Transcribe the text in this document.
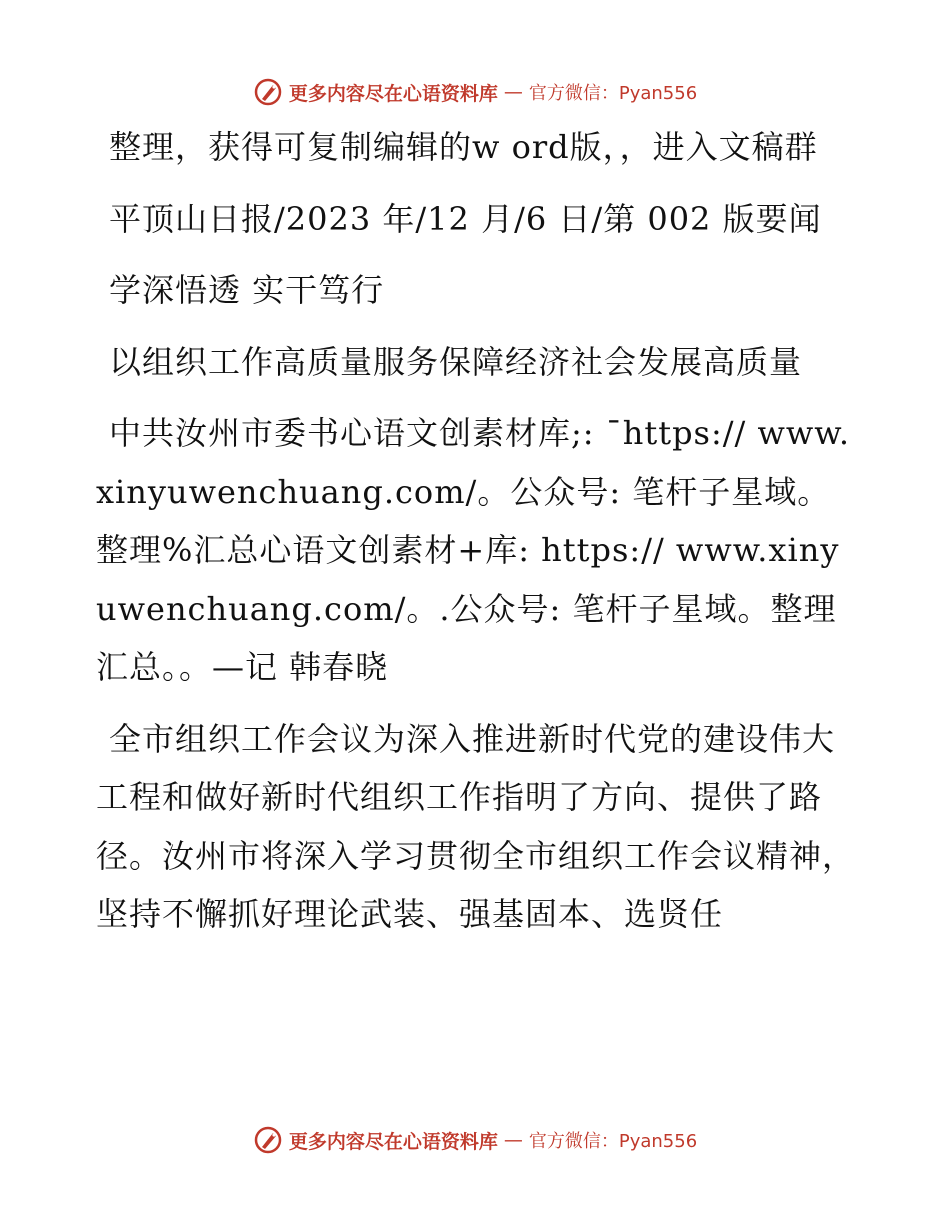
更多内容尽在心语资料库 — 官方微信：Pyan556

整理，获得可复制编辑的w ord版，，进入文稿群

平顶山日报/2023 年/12 月/6 日/第 002 版要闻

学深悟透 实干笃行

以组织工作高质量服务保障经济社会发展高质量

中共汝州市委书心语文创素材库;: ¯https:// www.xinyuwenchuang.com/。公众号: 笔杆子星域。整理%汇总心语文创素材+库: https:// www.xinyuwenchuang.com/。.公众号: 笔杆子星域。整理汇总。。—记 韩春晓

全市组织工作会议为深入推进新时代党的建设伟大工程和做好新时代组织工作指明了方向、提供了路径。汝州市将深入学习贯彻全市组织工作会议精神，坚持不懈抓好理论武装、强基固本、选贤任

更多内容尽在心语资料库 — 官方微信：Pyan556
